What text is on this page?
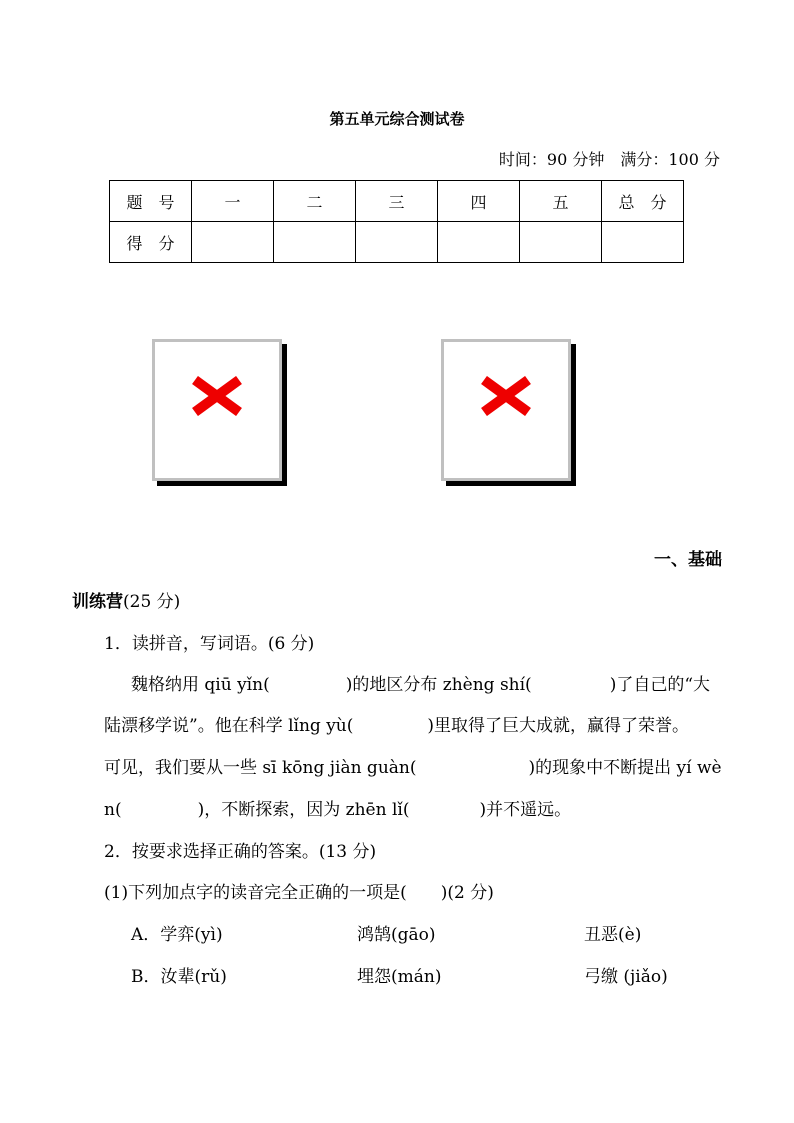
第五单元综合测试卷
时间：90 分钟　满分：100 分
题　号	一	二	三	四	五	总　分
得　分						
一、基础
训练营(25 分)
1．读拼音，写词语。(6 分)
魏格纳用 qiū yǐn(	)的地区分布 zhèng shí(	)了自己的“大
陆漂移学说”。他在科学 lǐng yù(	)里取得了巨大成就，赢得了荣誉。
可见，我们要从一些 sī kōng jiàn guàn(	)的现象中不断提出 yí wè
n(	)，不断探索，因为 zhēn lǐ(	)并不遥远。
2．按要求选择正确的答案。(13 分)
(1)下列加点字的读音完全正确的一项是(　　)(2 分)
A．学弈(yì)	鸿鹄(gāo)	丑恶(è)
B．汝辈(rǔ)	埋怨(mán)	弓缴 (jiǎo)
